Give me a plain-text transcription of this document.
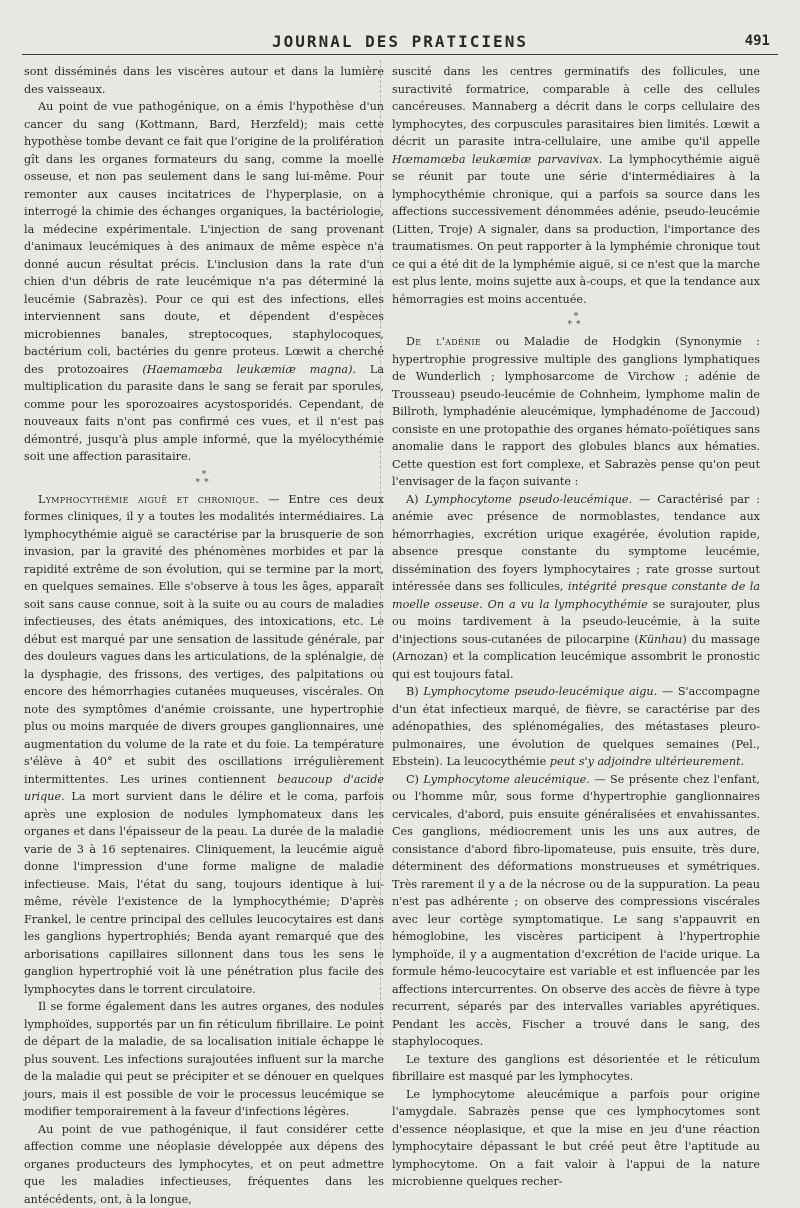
JOURNAL DES PRATICIENS	491

sont disséminés dans les viscères autour et dans la lumière des vaisseaux.

Au point de vue pathogénique, on a émis l'hypothèse d'un cancer du sang (Kottmann, Bard, Herzfeld); mais cette hypothèse tombe devant ce fait que l'origine de la prolifération gît dans les organes formateurs du sang, comme la moelle osseuse, et non pas seulement dans le sang lui-même. Pour remonter aux causes incitatrices de l'hyperplasie, on a interrogé la chimie des échanges organiques, la bactériologie, la médecine expérimentale. L'injection de sang provenant d'animaux leucémiques à des animaux de même espèce n'a donné aucun résultat précis. L'inclusion dans la rate d'un chien d'un débris de rate leucémique n'a pas déterminé la leucémie (Sabrazès). Pour ce qui est des infections, elles interviennent sans doute, et dépendent d'espèces microbiennes banales, streptocoques, staphylocoques, bactérium coli, bactéries du genre proteus. Lœwit a cherché des protozoaires (Haemamœba leukæmiæ magna). La multiplication du parasite dans le sang se ferait par sporules, comme pour les sporozoaires acystosporidés. Cependant, de nouveaux faits n'ont pas confirmé ces vues, et il n'est pas démontré, jusqu'à plus ample informé, que la myélocythémie soit une affection parasitaire.

*
**

Lymphocythémie aiguë et chronique. — Entre ces deux formes cliniques, il y a toutes les modalités intermédiaires. La lymphocythémie aiguë se caractérise par la brusquerie de son invasion, par la gravité des phénomènes morbides et par la rapidité extrême de son évolution, qui se termine par la mort, en quelques semaines. Elle s'observe à tous les âges, apparaît soit sans cause connue, soit à la suite ou au cours de maladies infectieuses, des états anémiques, des intoxications, etc. Le début est marqué par une sensation de lassitude générale, par des douleurs vagues dans les articulations, de la splénalgie, de la dysphagie, des frissons, des vertiges, des palpitations ou encore des hémorrhagies cutanées muqueuses, viscérales. On note des symptômes d'anémie croissante, une hypertrophie plus ou moins marquée de divers groupes ganglionnaires, une augmentation du volume de la rate et du foie. La température s'élève à 40° et subit des oscillations irrégulièrement intermittentes. Les urines contiennent beaucoup d'acide urique. La mort survient dans le délire et le coma, parfois après une explosion de nodules lymphomateux dans les organes et dans l'épaisseur de la peau. La durée de la maladie varie de 3 à 16 septenaires. Cliniquement, la leucémie aiguë donne l'impression d'une forme maligne de maladie infectieuse. Mais, l'état du sang, toujours identique à lui-même, révèle l'existence de la lymphocythémie; D'après Frankel, le centre principal des cellules leucocytaires est dans les ganglions hypertrophiés; Benda ayant remarqué que des arborisations capillaires sillonnent dans tous les sens le ganglion hypertrophié voit là une pénétration plus facile des lymphocytes dans le torrent circulatoire.

Il se forme également dans les autres organes, des nodules lymphoïdes, supportés par un fin réticulum fibrillaire. Le point de départ de la maladie, de sa localisation initiale échappe le plus souvent. Les infections surajoutées influent sur la marche de la maladie qui peut se précipiter et se dénouer en quelques jours, mais il est possible de voir le processus leucémique se modifier temporairement à la faveur d'infections légères.

Au point de vue pathogénique, il faut considérer cette affection comme une néoplasie développée aux dépens des organes producteurs des lymphocytes, et on peut admettre que les maladies infectieuses, fréquentes dans les antécédents, ont, à la longue,

suscité dans les centres germinatifs des follicules, une suractivité formatrice, comparable à celle des cellules cancéreuses. Mannaberg a décrit dans le corps cellulaire des lymphocytes, des corpuscules parasitaires bien limités. Lœwit a décrit un parasite intra-cellulaire, une amibe qu'il appelle Hœmamœba leukæmiæ parvavivax. La lymphocythémie aiguë se réunit par toute une série d'intermédiaires à la lymphocythémie chronique, qui a parfois sa source dans les affections successivement dénommées adénie, pseudo-leucémie (Litten, Troje) A signaler, dans sa production, l'importance des traumatismes. On peut rapporter à la lymphémie chronique tout ce qui a été dit de la lymphémie aiguë, si ce n'est que la marche est plus lente, moins sujette aux à-coups, et que la tendance aux hémorragies est moins accentuée.

*
**

De l'adénie ou Maladie de Hodgkin (Synonymie : hypertrophie progressive multiple des ganglions lymphatiques de Wunderlich ; lymphosarcome de Virchow ; adénie de Trousseau) pseudo-leucémie de Cohnheim, lymphome malin de Billroth, lymphadénie aleucémique, lymphadénome de Jaccoud) consiste en une protopathie des organes hémato-poïétiques sans anomalie dans le rapport des globules blancs aux hématies. Cette question est fort complexe, et Sabrazès pense qu'on peut l'envisager de la façon suivante :

A) Lymphocytome pseudo-leucémique. — Caractérisé par : anémie avec présence de normoblastes, tendance aux hémorrhagies, excrétion urique exagérée, évolution rapide, absence presque constante du symptome leucémie, dissémination des foyers lymphocytaires ; rate grosse surtout intéressée dans ses follicules, intégrité presque constante de la moelle osseuse. On a vu la lymphocythémie se surajouter, plus ou moins tardivement à la pseudo-leucémie, à la suite d'injections sous-cutanées de pilocarpine (Künhau) du massage (Arnozan) et la complication leucémique assombrit le pronostic qui est toujours fatal.

B) Lymphocytome pseudo-leucémique aigu. — S'accompagne d'un état infectieux marqué, de fièvre, se caractérise par des adénopathies, des splénomégalies, des métastases pleuro-pulmonaires, une évolution de quelques semaines (Pel., Ebstein). La leucocythémie peut s'y adjoindre ultérieurement.

C) Lymphocytome aleucémique. — Se présente chez l'enfant, ou l'homme mûr, sous forme d'hypertrophie ganglionnaires cervicales, d'abord, puis ensuite généralisées et envahissantes. Ces ganglions, médiocrement unis les uns aux autres, de consistance d'abord fibro-lipomateuse, puis ensuite, très dure, déterminent des déformations monstrueuses et symétriques. Très rarement il y a de la nécrose ou de la suppuration. La peau n'est pas adhérente ; on observe des compressions viscérales avec leur cortège symptomatique. Le sang s'appauvrit en hémoglobine, les viscères participent à l'hypertrophie lymphoïde, il y a augmentation d'excrétion de l'acide urique. La formule hémo-leucocytaire est variable et est influencée par les affections intercurrentes. On observe des accès de fièvre à type recurrent, séparés par des intervalles variables apyrétiques. Pendant les accès, Fischer a trouvé dans le sang, des staphylocoques.

Le texture des ganglions est désorientée et le réticulum fibrillaire est masqué par les lymphocytes.

Le lymphocytome aleucémique a parfois pour origine l'amygdale. Sabrazès pense que ces lymphocytomes sont d'essence néoplasique, et que la mise en jeu d'une réaction lymphocytaire dépassant le but créé peut être l'aptitude au lymphocytome. On a fait valoir à l'appui de la nature microbienne quelques recher-
